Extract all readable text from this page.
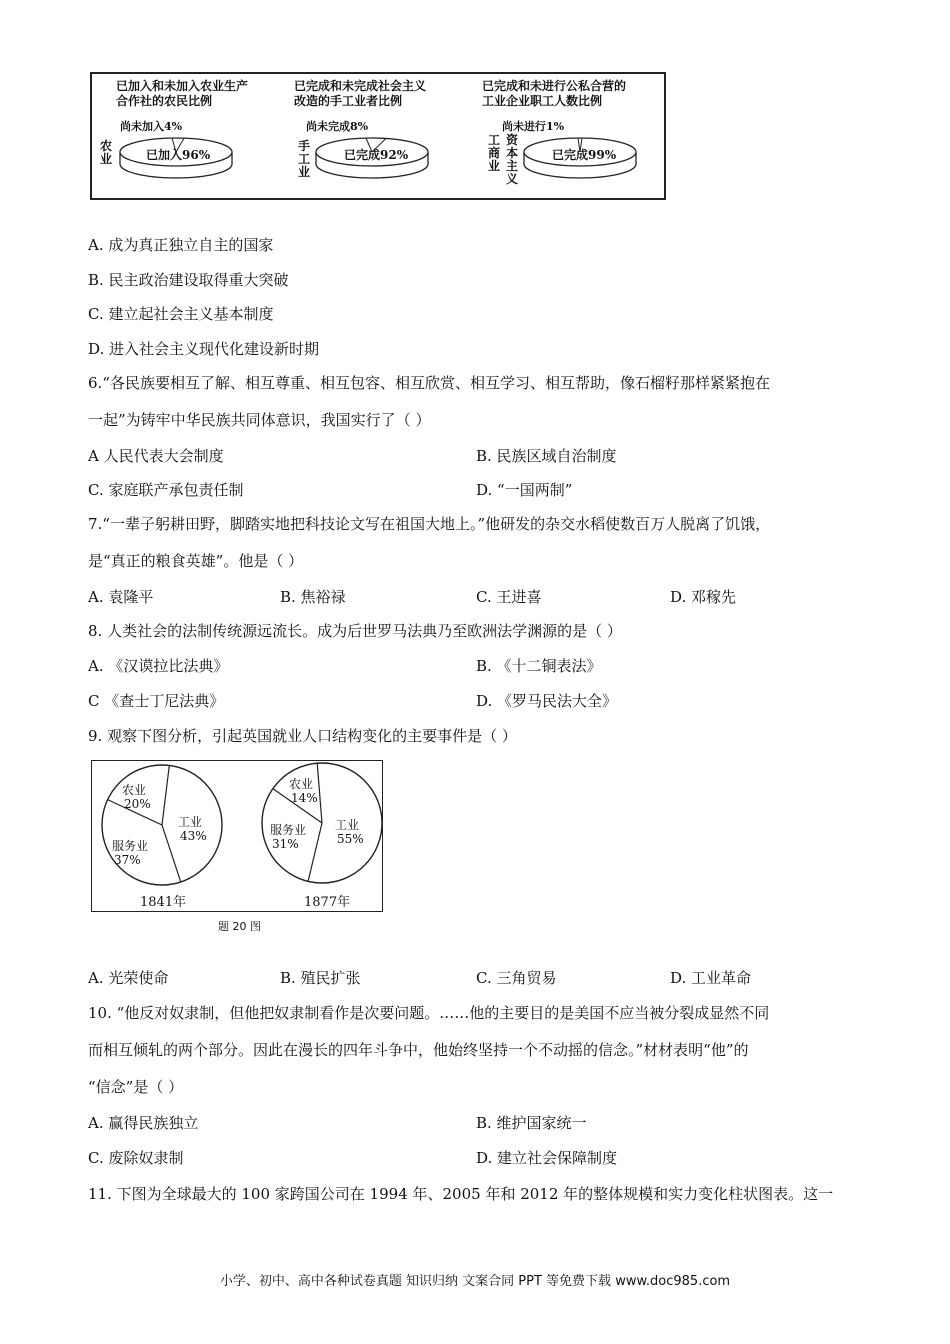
已加入和未加入农业生产
合作社的农民比例
农业
尚未加入4%
已加入96%
已完成和未完成社会主义
改造的手工业者比例
手工业
尚未完成8%
已完成92%
已完成和未进行公私合营的
工业企业职工人数比例
工商业
资本主义
尚未进行1%
已完成99%
A. 成为真正独立自主的国家
B. 民主政治建设取得重大突破
C. 建立起社会主义基本制度
D. 进入社会主义现代化建设新时期
6.“各民族要相互了解、相互尊重、相互包容、相互欣赏、相互学习、相互帮助，像石榴籽那样紧紧抱在
一起”为铸牢中华民族共同体意识，我国实行了（ ）
A 人民代表大会制度	B. 民族区域自治制度
C. 家庭联产承包责任制	D. “一国两制”
7.“一辈子躬耕田野，脚踏实地把科技论文写在祖国大地上。”他研发的杂交水稻使数百万人脱离了饥饿，
是“真正的粮食英雄”。他是（ ）
A. 袁隆平	B. 焦裕禄	C. 王进喜	D. 邓稼先
8. 人类社会的法制传统源远流长。成为后世罗马法典乃至欧洲法学渊源的是（ ）
A. 《汉谟拉比法典》	B. 《十二铜表法》
C 《查士丁尼法典》	D. 《罗马民法大全》
9. 观察下图分析，引起英国就业人口结构变化的主要事件是（ ）
农业
20%
工业
43%
服务业
37%
1841年
农业
14%
工业
55%
服务业
31%
1877年
题 20 图
A. 光荣使命	B. 殖民扩张	C. 三角贸易	D. 工业革命
10. “他反对奴隶制，但他把奴隶制看作是次要问题。……他的主要目的是美国不应当被分裂成显然不同
而相互倾轧的两个部分。因此在漫长的四年斗争中，他始终坚持一个不动摇的信念。”材材表明“他”的
“信念”是（ ）
A. 赢得民族独立	B. 维护国家统一
C. 废除奴隶制	D. 建立社会保障制度
11. 下图为全球最大的 100 家跨国公司在 1994 年、2005 年和 2012 年的整体规模和实力变化柱状图表。这一
小学、初中、高中各种试卷真题 知识归纳 文案合同 PPT 等免费下载 www.doc985.com
